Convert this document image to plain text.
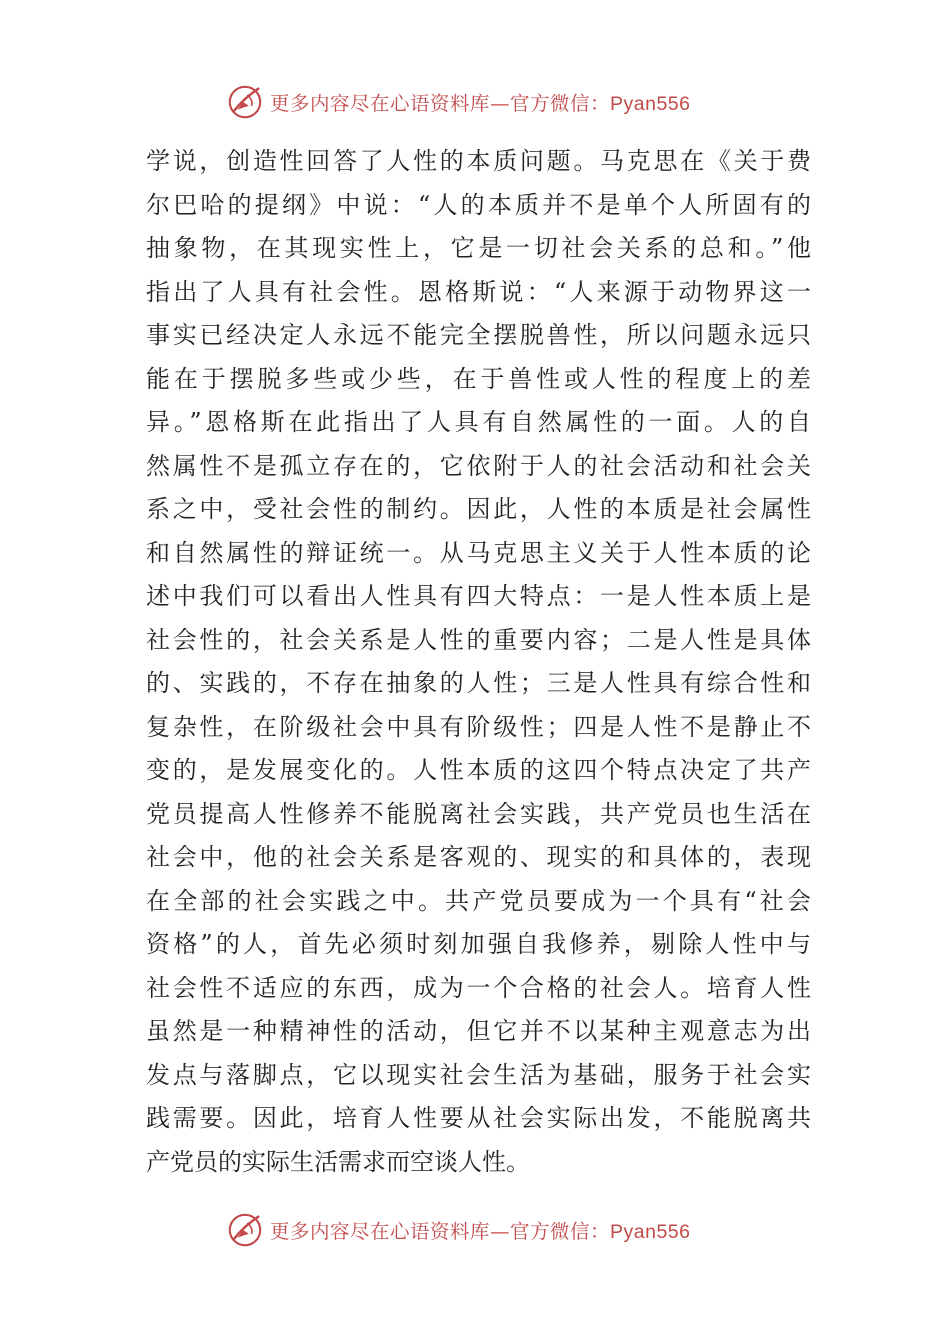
更多内容尽在心语资料库—官方微信：Pyan556
学说，创造性回答了人性的本质问题。马克思在《关于费
尔巴哈的提纲》中说：“人的本质并不是单个人所固有的
抽象物，在其现实性上，它是一切社会关系的总和。”他
指出了人具有社会性。恩格斯说：“人来源于动物界这一
事实已经决定人永远不能完全摆脱兽性，所以问题永远只
能在于摆脱多些或少些，在于兽性或人性的程度上的差
异。”恩格斯在此指出了人具有自然属性的一面。人的自
然属性不是孤立存在的，它依附于人的社会活动和社会关
系之中，受社会性的制约。因此，人性的本质是社会属性
和自然属性的辩证统一。从马克思主义关于人性本质的论
述中我们可以看出人性具有四大特点：一是人性本质上是
社会性的，社会关系是人性的重要内容；二是人性是具体
的、实践的，不存在抽象的人性；三是人性具有综合性和
复杂性，在阶级社会中具有阶级性；四是人性不是静止不
变的，是发展变化的。人性本质的这四个特点决定了共产
党员提高人性修养不能脱离社会实践，共产党员也生活在
社会中，他的社会关系是客观的、现实的和具体的，表现
在全部的社会实践之中。共产党员要成为一个具有“社会
资格”的人，首先必须时刻加强自我修养，剔除人性中与
社会性不适应的东西，成为一个合格的社会人。培育人性
虽然是一种精神性的活动，但它并不以某种主观意志为出
发点与落脚点，它以现实社会生活为基础，服务于社会实
践需要。因此，培育人性要从社会实际出发，不能脱离共
产党员的实际生活需求而空谈人性。
更多内容尽在心语资料库—官方微信：Pyan556
